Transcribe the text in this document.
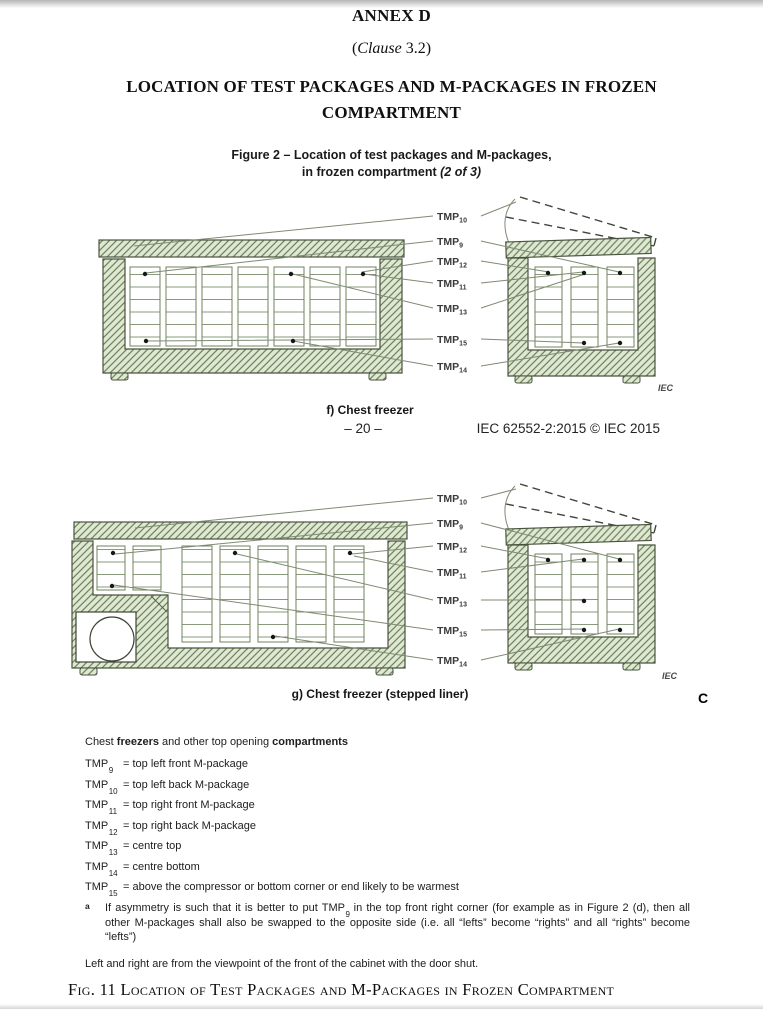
ANNEX D
(Clause 3.2)
LOCATION OF TEST PACKAGES AND M-PACKAGES IN FROZEN
COMPARTMENT
Figure 2 – Location of test packages and M-packages,
in frozen compartment (2 of 3)
$TMP_{10}$
$TMP_9$
$TMP_{12}$
$TMP_{11}$
$TMP_{13}$
$TMP_{15}$
$TMP_{14}$
IEC
f) Chest freezer
– 20 –	IEC 62552-2:2015 © IEC 2015
$TMP_{10}$
$TMP_9$
$TMP_{12}$
$TMP_{11}$
$TMP_{13}$
$TMP_{15}$
$TMP_{14}$
IEC
g) Chest freezer (stepped liner)	C
Chest freezers and other top opening compartments
$TMP_9=$ top left front M-package
$TMP_{10}=$ top left back M-package
$TMP_{11}=$ top right front M-package
$TMP_{12}=$ top right back M-package
$TMP_{13}=$ centre top
$TMP_{14}=$ centre bottom
$TMP_{15}=$ above the compressor or bottom corner or end likely to be warmest
a If asymmetry is such that it is better to put $TMP_9$ in the top front right corner (for example as in Figure 2 (d), then all other M-packages shall also be swapped to the opposite side (i.e. all “lefts” become “rights” and all “rights” become “lefts”)
Left and right are from the viewpoint of the front of the cabinet with the door shut.
Fig. 11 Location of Test Packages and M-Packages in Frozen Compartment
